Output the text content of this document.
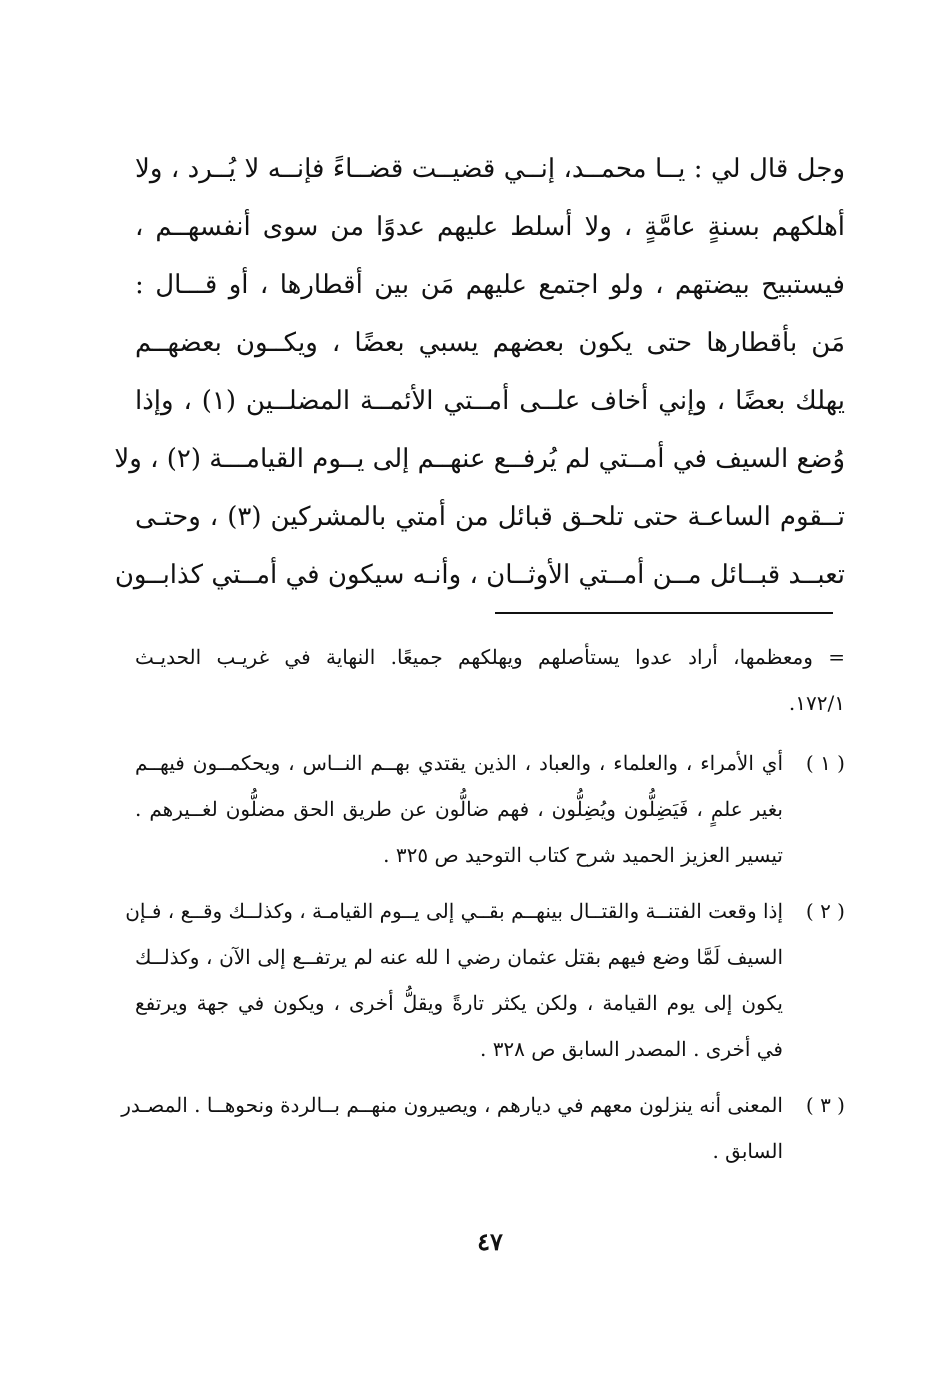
وجل قال لي : يــا محمــد، إنــي قضيــت قضــاءً فإنــه لا يُــرد ، ولا
أهلكهم بسنةٍ عامَّةٍ ، ولا أسلط عليهم عدوًا من سوى أنفسهــم ،
فيستبيح بيضتهم ، ولو اجتمع عليهم مَن بين أقطارها ، أو قـــال :
مَن بأقطارها حتى يكون بعضهم يسبي بعضًا ، ويكــون بعضهــم
يهلك بعضًا ، وإني أخاف علــى أمــتي الأئمــة المضلــين (١) ، وإذا
وُضع السيف في أمــتي لم يُرفــع عنهــم إلى يــوم القيامـــة (٢) ، ولا
تــقوم الساعـة حتى تلحـق قبائل من أمتي بالمشركين (٣) ، وحتـى
تعبــد قبــائل مــن أمــتي الأوثــان ، وأنـه سيكون في أمــتي كذابــون
= ومعظمها، أراد عدوا يستأصلهم ويهلكهم جميعًا. النهاية في غريـب الحديـث
١٧٢/١.
( ١ )
أي الأمراء ، والعلماء ، والعباد ، الذين يقتدي بهــم النــاس ، ويحكمــون فيهــم
بغير علمٍ ، فَيَضِلُّون ويُضِلُّون ، فهم ضالُّون عن طريق الحق مضلُّون لغــيرهم .
تيسير العزيز الحميد شرح كتاب التوحيد ص ٣٢٥ .
( ٢ )
إذا وقعت الفتنــة والقتــال بينهــم بقــي إلى يــوم القيامـة ، وكذلــك وقــع ، فـإن
السيف لَمَّا وضع فيهم بقتل عثمان رضي ا لله عنه لم يرتفــع إلى الآن ، وكذلــك
يكون إلى يوم القيامة ، ولكن يكثر تارةً ويقلُّ أخرى ، ويكون في جهة ويرتفع
في أخرى . المصدر السابق ص ٣٢٨ .
( ٣ )
المعنى أنه ينزلون معهم في ديارهم ، ويصيرون منهــم بــالردة ونحوهــا . المصـدر
السابق .
٤٧
